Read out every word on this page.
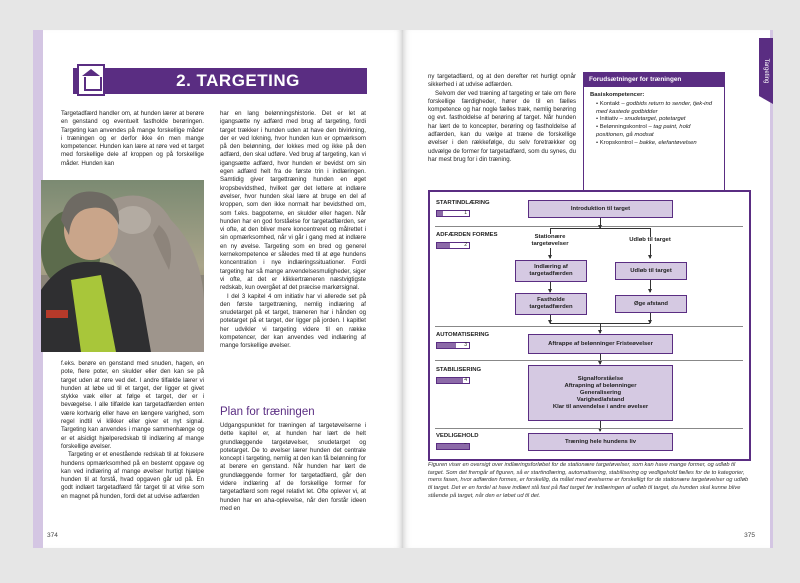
2. TARGETING

Targetadfærd handler om, at hunden lærer at berøre en genstand og eventuelt fastholde berøringen. Targeting kan anvendes på mange forskellige måder i træningen og er derfor ikke én men mange kompetencer. Hunden kan lære at røre ved et target med forskellige dele af kroppen og på forskellige måder. Hunden kan

f.eks. berøre en genstand med snuden, hagen, en pote, flere poter, en skulder eller den kan se på target uden at røre ved det. I andre tilfælde lærer vi hunden at løbe ud til et target, der ligger et givet stykke væk eller at følge et target, der er i bevægelse. I alle tilfælde kan targetadfærden enten være kortvarig eller have en længere varighed, som regel indtil vi klikker eller giver et nyt signal. Targeting kan anvendes i mange sammenhænge og er et alsidigt hjælperedskab til indlæring af mange forskellige øvelser.

Targeting er et enestående redskab til at fokusere hundens opmærksomhed på en bestemt opgave og kan ved indlæring af mange øvelser hurtigt hjælpe hunden til at forstå, hvad opgaven går ud på. En godt indlært targetadfærd får target til at virke som en magnet på hunden, fordi det at udvise adfærden

har en lang belønningshistorie. Det er let at igangsætte ny adfærd med brug af targeting, fordi target trækker i hunden uden at have den bivirkning, der er ved lokning, hvor hunden kun er opmærksom på den belønning, der lokkes med og ikke på den adfærd, den skal udføre. Ved brug af targeting, kan vi igangsætte adfærd, hvor hunden er bevidst om sin egen adfærd helt fra de første trin i indlæringen. Samtidig giver targettræning hunden en øget kropsbevidsthed, hvilket gør det lettere at indlære øvelser, hvor hunden skal lære at bruge en del af kroppen, som den ikke normalt har bevidsthed om, som f.eks. bagpoterne, en skulder eller hagen. Når hunden har en god forståelse for targetadfærden, ser vi ofte, at den bliver mere koncentreret og målrettet i sin opmærksomhed, når vi går i gang med at indlære en ny øvelse. Targeting som en bred og generel kernekompetence er således med til at øge hundens koncentration i nye indlæringssituationer. Fordi targeting har så mange anvendelsesmuligheder, siger vi ofte, at det er klikkertræneren næstvigtigste redskab, kun overgået af det præcise markørsignal.

I del 3 kapitel 4 om initiativ har vi allerede set på den første targettræning, nemlig indlæring af snudetarget på et target, træneren har i hånden og potetarget på et target, der ligger på jorden. I kapitlet her udvikler vi targeting videre til en række kompetencer, der kan anvendes ved indlæring af mange forskellige øvelser.

Plan for træningen

Udgangspunktet for træningen af targetøvelserne i dette kapitel er, at hunden har lært de helt grundlæggende targetøvelser, snudetarget og potetarget. De to øvelser lærer hunden det centrale koncept i targeting, nemlig at den kan få belønning for at berøre en genstand. Når hunden har lært de grundlæggende former for targetadfærd, går den videre indlæring af de forskellige former for targetadfærd som regel relativt let. Ofte oplever vi, at hunden har en aha-oplevelse, når den forstår ideen med en

374
Targeting

ny targetadfærd, og at den derefter ret hurtigt opnår sikkerhed i at udvise adfærden.

Selvom der ved træning af targeting er tale om flere forskellige færdigheder, hører de til en fælles kompetence og har nogle fælles træk, nemlig berøring og evt. fastholdelse af berøring af target. Når hunden har lært de to koncepter, berøring og fastholdelse af adfærden, kan du vælge at træne de forskellige øvelser i den rækkefølge, du selv foretrækker og udvælge de former for targetadfærd, som du synes, du har mest brug for i din træning.

Forudsætninger for træningen
Basiskompetencer:
• Kontakt – godbids return to sender, tjek-ind med kastede godbidder
• Initiativ – snudetarget, potetarget
• Belønningskontrol – tag paint, hold positionen, gå modsat
• Kropskontrol – bakke, elefantøvelsen
STARTINDLÆRING
1
Introduktion til target
ADFÆRDEN FORMES
2
Stationære targetøvelser
Udløb til target
Indlæring af targetadfærden
Udløb til target
Fastholde targetadfærden
Øge afstand
AUTOMATISERING
3	Aftrappe af belønninger Fristeøvelser
STABILISERING
4	Signalforståelse
Aftrapning af belønninger
Generalisering
Varighed/afstand
Klar til anvendelse i andre øvelser
VEDLIGEHOLD
Træning hele hundens liv
Figuren viser en oversigt over indlæringsforløbet for de stationære targetøvelser, som kan have mange former, og udløb til target. Som det fremgår af figuren, så er startindlæring, automatisering, stabilisering og vedligehold fælles for de to kategorier, mens fasen, hvor adfærden formes, er forskellig, da målet med øvelserne er forskelligt for de stationære targetøvelser og udløb til target. Det er en fordel at have indlært stå fast på flad target før indlæringen af udløb til target, da hunden skal kunne blive stående på target, når den er løbet ud til det.
375
